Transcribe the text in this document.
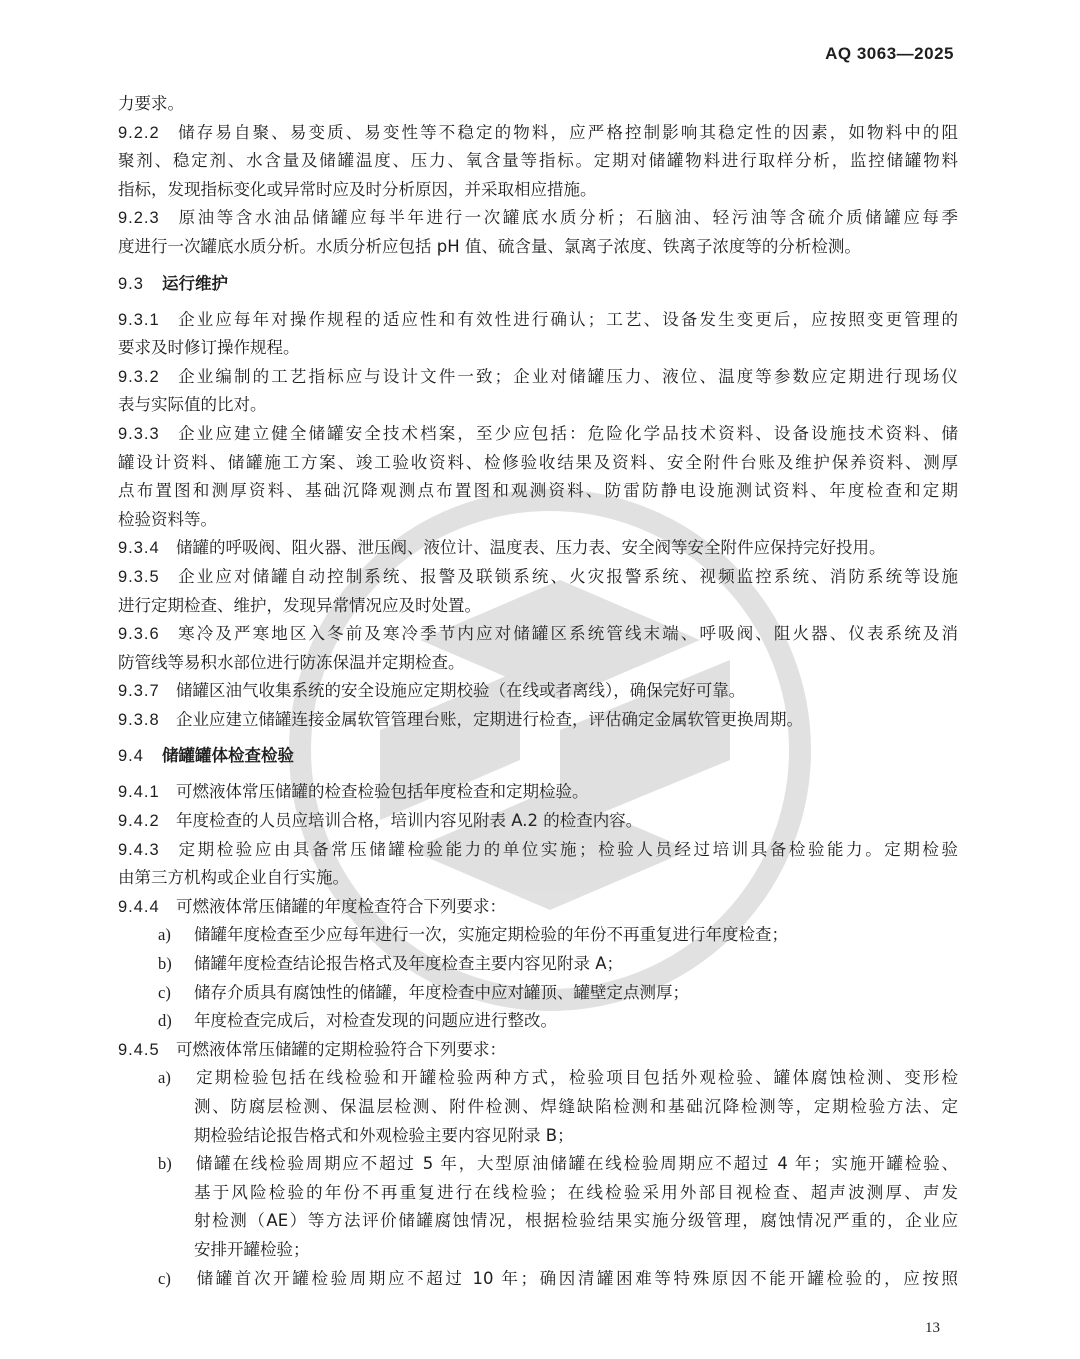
AQ 3063—2025
力要求。
9.2.2 储存易自聚、易变质、易变性等不稳定的物料，应严格控制影响其稳定性的因素，如物料中的阻
聚剂、稳定剂、水含量及储罐温度、压力、氧含量等指标。定期对储罐物料进行取样分析，监控储罐物料
指标，发现指标变化或异常时应及时分析原因，并采取相应措施。
9.2.3 原油等含水油品储罐应每半年进行一次罐底水质分析；石脑油、轻污油等含硫介质储罐应每季
度进行一次罐底水质分析。水质分析应包括 pH 值、硫含量、氯离子浓度、铁离子浓度等的分析检测。
9.3 运行维护
9.3.1 企业应每年对操作规程的适应性和有效性进行确认；工艺、设备发生变更后，应按照变更管理的
要求及时修订操作规程。
9.3.2 企业编制的工艺指标应与设计文件一致；企业对储罐压力、液位、温度等参数应定期进行现场仪
表与实际值的比对。
9.3.3 企业应建立健全储罐安全技术档案，至少应包括：危险化学品技术资料、设备设施技术资料、储
罐设计资料、储罐施工方案、竣工验收资料、检修验收结果及资料、安全附件台账及维护保养资料、测厚
点布置图和测厚资料、基础沉降观测点布置图和观测资料、防雷防静电设施测试资料、年度检查和定期
检验资料等。
9.3.4 储罐的呼吸阀、阻火器、泄压阀、液位计、温度表、压力表、安全阀等安全附件应保持完好投用。
9.3.5 企业应对储罐自动控制系统、报警及联锁系统、火灾报警系统、视频监控系统、消防系统等设施
进行定期检查、维护，发现异常情况应及时处置。
9.3.6 寒冷及严寒地区入冬前及寒冷季节内应对储罐区系统管线末端、呼吸阀、阻火器、仪表系统及消
防管线等易积水部位进行防冻保温并定期检查。
9.3.7 储罐区油气收集系统的安全设施应定期校验（在线或者离线），确保完好可靠。
9.3.8 企业应建立储罐连接金属软管管理台账，定期进行检查，评估确定金属软管更换周期。
9.4 储罐罐体检查检验
9.4.1 可燃液体常压储罐的检查检验包括年度检查和定期检验。
9.4.2 年度检查的人员应培训合格，培训内容见附表 A.2 的检查内容。
9.4.3 定期检验应由具备常压储罐检验能力的单位实施；检验人员经过培训具备检验能力。定期检验
由第三方机构或企业自行实施。
9.4.4 可燃液体常压储罐的年度检查符合下列要求：
a) 储罐年度检查至少应每年进行一次，实施定期检验的年份不再重复进行年度检查；
b) 储罐年度检查结论报告格式及年度检查主要内容见附录 A；
c) 储存介质具有腐蚀性的储罐，年度检查中应对罐顶、罐壁定点测厚；
d) 年度检查完成后，对检查发现的问题应进行整改。
9.4.5 可燃液体常压储罐的定期检验符合下列要求：
a) 定期检验包括在线检验和开罐检验两种方式，检验项目包括外观检验、罐体腐蚀检测、变形检
测、防腐层检测、保温层检测、附件检测、焊缝缺陷检测和基础沉降检测等，定期检验方法、定
期检验结论报告格式和外观检验主要内容见附录 B；
b) 储罐在线检验周期应不超过 5 年，大型原油储罐在线检验周期应不超过 4 年；实施开罐检验、
基于风险检验的年份不再重复进行在线检验；在线检验采用外部目视检查、超声波测厚、声发
射检测（AE）等方法评价储罐腐蚀情况，根据检验结果实施分级管理，腐蚀情况严重的，企业应
安排开罐检验；
c) 储罐首次开罐检验周期应不超过 10 年；确因清罐困难等特殊原因不能开罐检验的，应按照
13
